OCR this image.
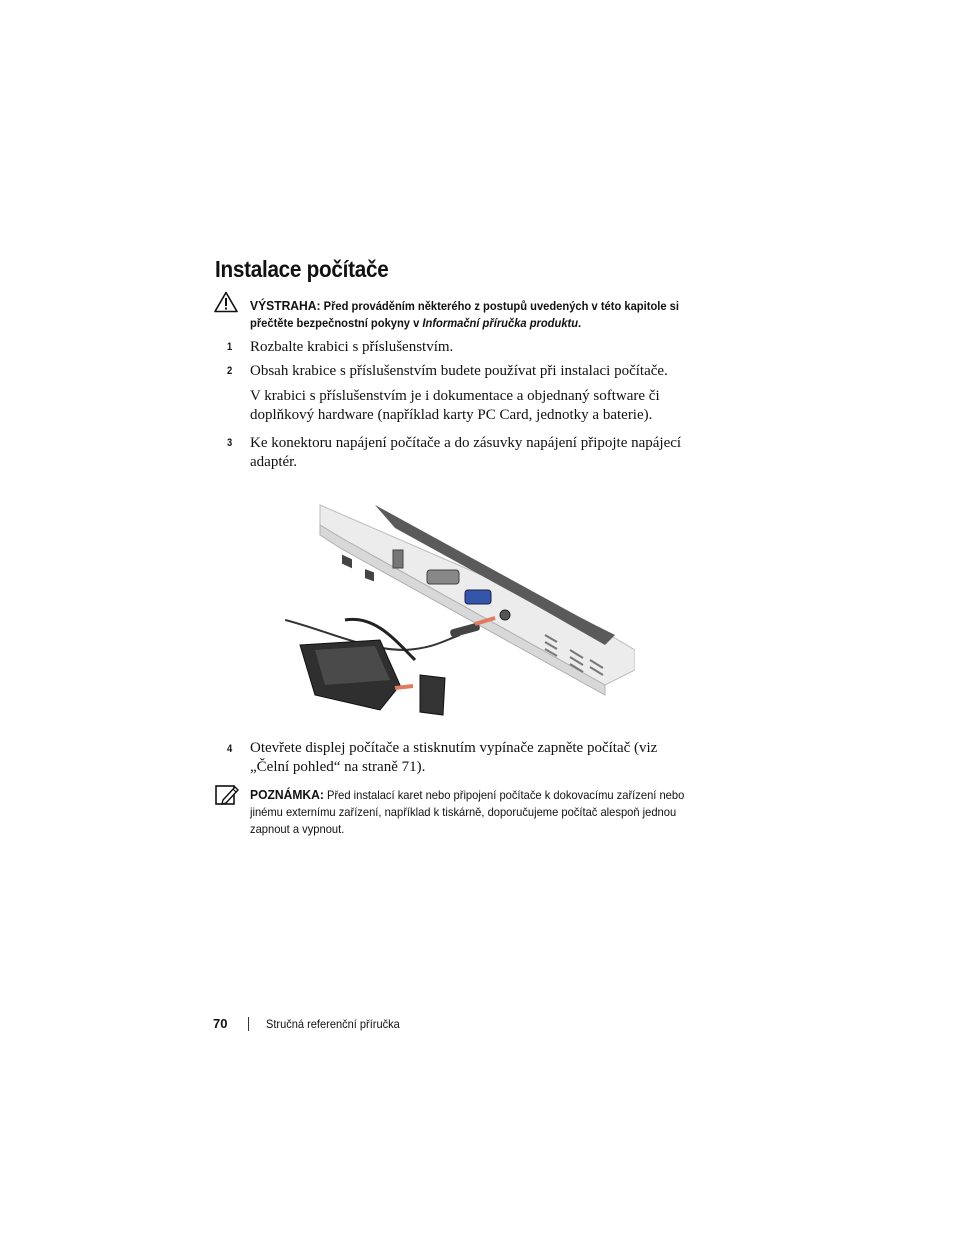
Instalace počítače
VÝSTRAHA: Před prováděním některého z postupů uvedených v této kapitole si přečtěte bezpečnostní pokyny v Informační příručka produktu.
1 Rozbalte krabici s příslušenstvím.
2 Obsah krabice s příslušenstvím budete používat při instalaci počítače.
V krabici s příslušenstvím je i dokumentace a objednaný software či doplňkový hardware (například karty PC Card, jednotky a baterie).
3 Ke konektoru napájení počítače a do zásuvky napájení připojte napájecí adaptér.
4 Otevřete displej počítače a stisknutím vypínače zapněte počítač (viz „Čelní pohled“ na straně 71).
POZNÁMKA: Před instalací karet nebo připojení počítače k dokovacímu zařízení nebo jinému externímu zařízení, například k tiskárně, doporučujeme počítač alespoň jednou zapnout a vypnout.
70	Stručná referenční příručka
